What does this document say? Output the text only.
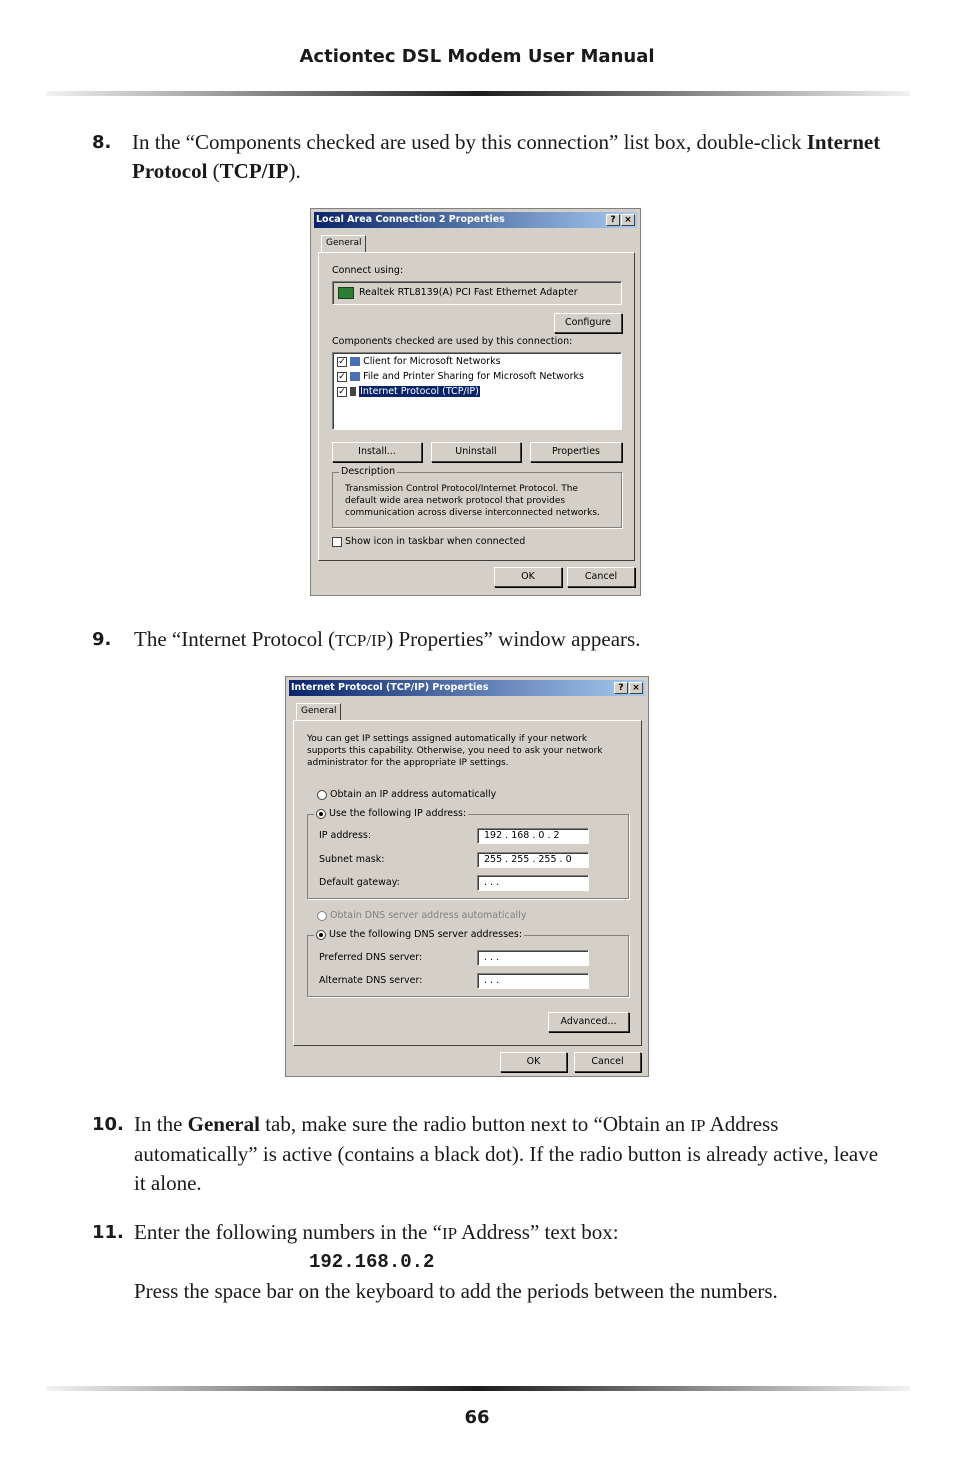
Actiontec DSL Modem User Manual
8. In the “Components checked are used by this connection” list box, double-click Internet Protocol (TCP/IP).
Local Area Connection 2 Properties	? ×
General
Connect using:
Realtek RTL8139(A) PCI Fast Ethernet Adapter
Configure
Components checked are used by this connection:
✓ Client for Microsoft Networks
✓ File and Printer Sharing for Microsoft Networks
✓ Internet Protocol (TCP/IP)
Install...	Uninstall	Properties
Description
Transmission Control Protocol/Internet Protocol. The default wide area network protocol that provides communication across diverse interconnected networks.
Show icon in taskbar when connected
OK	Cancel
9. The “Internet Protocol (TCP/IP) Properties” window appears.
Internet Protocol (TCP/IP) Properties	? ×
General
You can get IP settings assigned automatically if your network supports this capability. Otherwise, you need to ask your network administrator for the appropriate IP settings.
Obtain an IP address automatically
Use the following IP address:
IP address:	192 . 168 . 0 . 2
Subnet mask:	255 . 255 . 255 . 0
Default gateway:	. . .
Obtain DNS server address automatically
Use the following DNS server addresses:
Preferred DNS server:	. . .
Alternate DNS server:	. . .
Advanced...
OK	Cancel
10. In the General tab, make sure the radio button next to “Obtain an IP Address automatically” is active (contains a black dot). If the radio button is already active, leave it alone.
11. Enter the following numbers in the “IP Address” text box:
192.168.0.2
Press the space bar on the keyboard to add the periods between the numbers.
66
